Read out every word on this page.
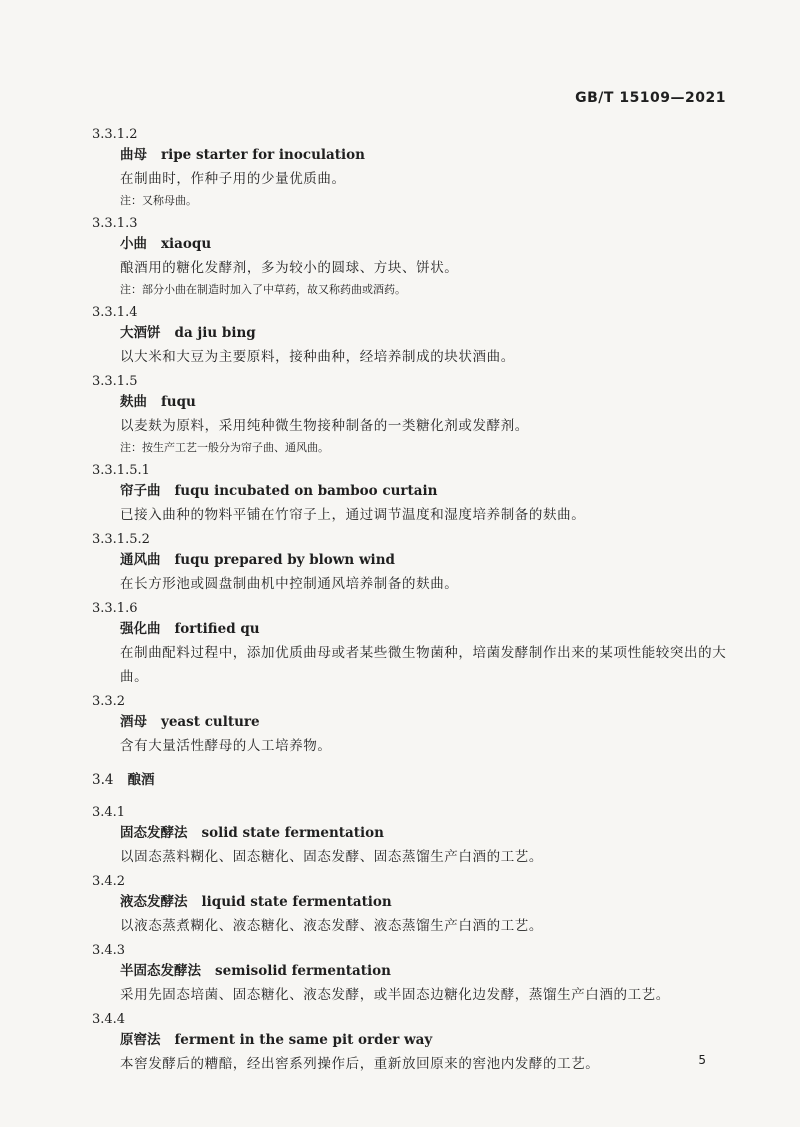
GB/T 15109—2021
3.3.1.2
曲母 ripe starter for inoculation
在制曲时，作种子用的少量优质曲。
注：又称母曲。
3.3.1.3
小曲 xiaoqu
酿酒用的糖化发酵剂，多为较小的圆球、方块、饼状。
注：部分小曲在制造时加入了中草药，故又称药曲或酒药。
3.3.1.4
大酒饼 da jiu bing
以大米和大豆为主要原料，接种曲种，经培养制成的块状酒曲。
3.3.1.5
麸曲 fuqu
以麦麸为原料，采用纯种微生物接种制备的一类糖化剂或发酵剂。
注：按生产工艺一般分为帘子曲、通风曲。
3.3.1.5.1
帘子曲 fuqu incubated on bamboo curtain
已接入曲种的物料平铺在竹帘子上，通过调节温度和湿度培养制备的麸曲。
3.3.1.5.2
通风曲 fuqu prepared by blown wind
在长方形池或圆盘制曲机中控制通风培养制备的麸曲。
3.3.1.6
强化曲 fortified qu
在制曲配料过程中，添加优质曲母或者某些微生物菌种，培菌发酵制作出来的某项性能较突出的大曲。
3.3.2
酒母 yeast culture
含有大量活性酵母的人工培养物。
3.4 酿酒
3.4.1
固态发酵法 solid state fermentation
以固态蒸料糊化、固态糖化、固态发酵、固态蒸馏生产白酒的工艺。
3.4.2
液态发酵法 liquid state fermentation
以液态蒸煮糊化、液态糖化、液态发酵、液态蒸馏生产白酒的工艺。
3.4.3
半固态发酵法 semisolid fermentation
采用先固态培菌、固态糖化、液态发酵，或半固态边糖化边发酵，蒸馏生产白酒的工艺。
3.4.4
原窖法 ferment in the same pit order way
本窖发酵后的糟醅，经出窖系列操作后，重新放回原来的窖池内发酵的工艺。	5
